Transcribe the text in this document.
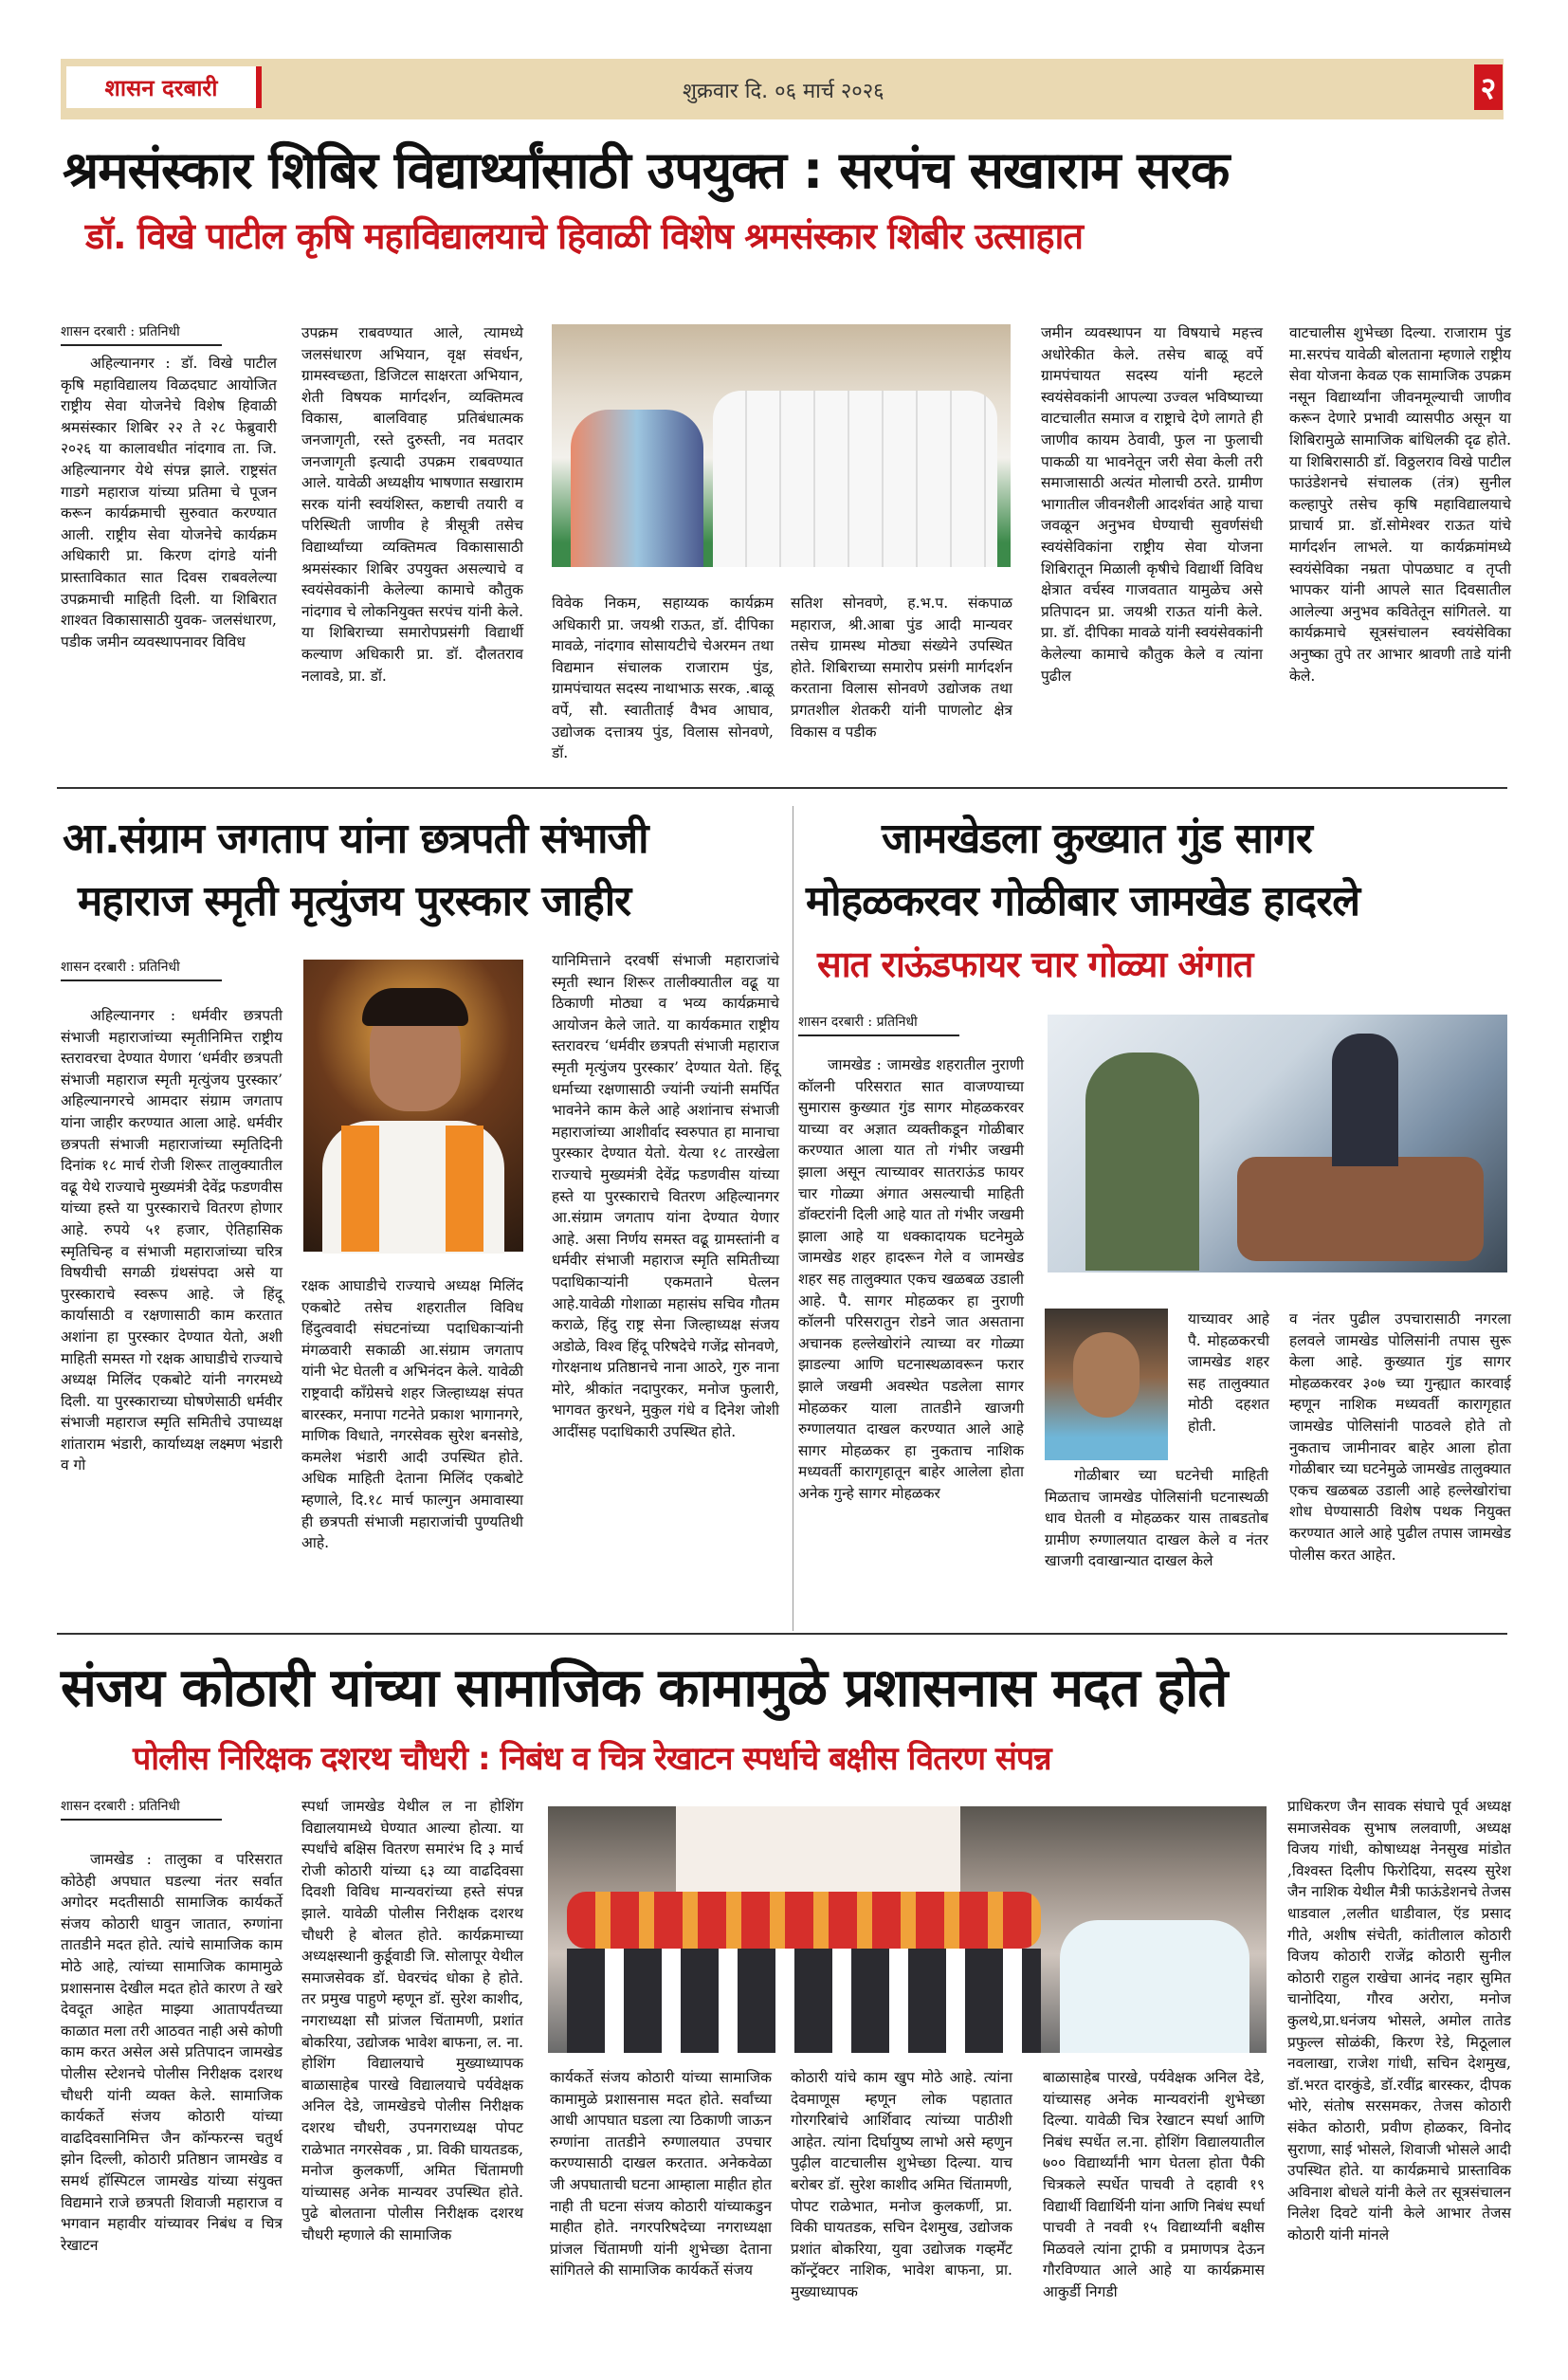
शासन दरबारी	शुक्रवार दि. ०६ मार्च २०२६	२
श्रमसंस्कार शिबिर विद्यार्थ्यांसाठी उपयुक्त : सरपंच सखाराम सरक
डॉ. विखे पाटील कृषि महाविद्यालयाचे हिवाळी विशेष श्रमसंस्कार शिबीर उत्साहात
शासन दरबारी : प्रतिनिधी

अहिल्यानगर : डॉ. विखे पाटील कृषि महाविद्यालय विळदघाट आयोजित राष्ट्रीय सेवा योजनेचे विशेष हिवाळी श्रमसंस्कार शिबिर २२ ते २८ फेब्रुवारी २०२६ या कालावधीत नांदगाव ता. जि. अहिल्यानगर येथे संपन्न झाले. राष्ट्रसंत गाडगे महाराज यांच्या प्रतिमा चे पूजन करून कार्यक्रमाची सुरुवात करण्यात आली. राष्ट्रीय सेवा योजनेचे कार्यक्रम अधिकारी प्रा. किरण दांगडे यांनी प्रास्ताविकात सात दिवस राबवलेल्या उपक्रमाची माहिती दिली. या शिबिरात शाश्वत विकासासाठी युवक- जलसंधारण, पडीक जमीन व्यवस्थापनावर विविध

उपक्रम राबवण्यात आले, त्यामध्ये जलसंधारण अभियान, वृक्ष संवर्धन, ग्रामस्वच्छता, डिजिटल साक्षरता अभियान, शेती विषयक मार्गदर्शन, व्यक्तिमत्व विकास, बालविवाह प्रतिबंधात्मक जनजागृती, रस्ते दुरुस्ती, नव मतदार जनजागृती इत्यादी उपक्रम राबवण्यात आले. यावेळी अध्यक्षीय भाषणात सखाराम सरक यांनी स्वयंशिस्त, कष्टाची तयारी व परिस्थिती जाणीव हे त्रीसूत्री तसेच विद्यार्थ्यांच्या व्यक्तिमत्व विकासासाठी श्रमसंस्कार शिबिर उपयुक्त असल्याचे व स्वयंसेवकांनी केलेल्या कामाचे कौतुक नांदगाव चे लोकनियुक्त सरपंच यांनी केले. या शिबिराच्या समारोपप्रसंगी विद्यार्थी कल्याण अधिकारी प्रा. डॉ. दौलतराव नलावडे, प्रा. डॉ.

विवेक निकम, सहाय्यक कार्यक्रम अधिकारी प्रा. जयश्री राऊत, डॉ. दीपिका मावळे, नांदगाव सोसायटीचे चेअरमन तथा विद्यमान संचालक राजाराम पुंड, ग्रामपंचायत सदस्य नाथाभाऊ सरक, .बाळू वर्पे, सौ. स्वातीताई वैभव आघाव, उद्योजक दत्तात्रय पुंड, विलास सोनवणे, डॉ.

सतिश सोनवणे, ह.भ.प. संकपाळ महाराज, श्री.आबा पुंड आदी मान्यवर तसेच ग्रामस्थ मोठ्या संख्येने उपस्थित होते. शिबिराच्या समारोप प्रसंगी मार्गदर्शन करताना विलास सोनवणे उद्योजक तथा प्रगतशील शेतकरी यांनी पाणलोट क्षेत्र विकास व पडीक

जमीन व्यवस्थापन या विषयाचे महत्त्व अधोरेकीत केले. तसेच बाळू वर्पे ग्रामपंचायत सदस्य यांनी म्हटले स्वयंसेवकांनी आपल्या उज्वल भविष्याच्या वाटचालीत समाज व राष्ट्राचे देणे लागते ही जाणीव कायम ठेवावी, फुल ना फुलाची पाकळी या भावनेतून जरी सेवा केली तरी समाजासाठी अत्यंत मोलाची ठरते. ग्रामीण भागातील जीवनशैली आदर्शवंत आहे याचा जवळून अनुभव घेण्याची सुवर्णसंधी स्वयंसेविकांना राष्ट्रीय सेवा योजना शिबिरातून मिळाली कृषीचे विद्यार्थी विविध क्षेत्रात वर्चस्व गाजवतात यामुळेच असे प्रतिपादन प्रा. जयश्री राऊत यांनी केले. प्रा. डॉ. दीपिका मावळे यांनी स्वयंसेवकांनी केलेल्या कामाचे कौतुक केले व त्यांना पुढील

वाटचालीस शुभेच्छा दिल्या. राजाराम पुंड मा.सरपंच यावेळी बोलताना म्हणाले राष्ट्रीय सेवा योजना केवळ एक सामाजिक उपक्रम नसून विद्यार्थ्यांना जीवनमूल्याची जाणीव करून देणारे प्रभावी व्यासपीठ असून या शिबिरामुळे सामाजिक बांधिलकी दृढ होते. या शिबिरासाठी डॉ. विठ्ठलराव विखे पाटील फाउंडेशनचे संचालक (तंत्र) सुनील कल्हापुरे तसेच कृषि महाविद्यालयाचे प्राचार्य प्रा. डॉ.सोमेश्वर राऊत यांचे मार्गदर्शन लाभले. या कार्यक्रमांमध्ये स्वयंसेविका नम्रता पोपळघाट व तृप्ती भापकर यांनी आपले सात दिवसातील आलेल्या अनुभव कवितेतून सांगितले. या कार्यक्रमाचे सूत्रसंचालन स्वयंसेविका अनुष्का तुपे तर आभार श्रावणी ताडे यांनी केले.

आ.संग्राम जगताप यांना छत्रपती संभाजी
महाराज स्मृती मृत्युंजय पुरस्कार जाहीर
शासन दरबारी : प्रतिनिधी

अहिल्यानगर : धर्मवीर छत्रपती संभाजी महाराजांच्या स्मृतीनिमित्त राष्ट्रीय स्तरावरचा देण्यात येणारा ‘धर्मवीर छत्रपती संभाजी महाराज स्मृती मृत्युंजय पुरस्कार’ अहिल्यानगरचे आमदार संग्राम जगताप यांना जाहीर करण्यात आला आहे. धर्मवीर छत्रपती संभाजी महाराजांच्या स्मृतिदिनी दिनांक १८ मार्च रोजी शिरूर तालुक्यातील वढू येथे राज्याचे मुख्यमंत्री देवेंद्र फडणवीस यांच्या हस्ते या पुरस्काराचे वितरण होणार आहे. रुपये ५१ हजार, ऐतिहासिक स्मृतिचिन्ह व संभाजी महाराजांच्या चरित्र विषयीची सगळी ग्रंथसंपदा असे या पुरस्काराचे स्वरूप आहे. जे हिंदू कार्यासाठी व रक्षणासाठी काम करतात अशांना हा पुरस्कार देण्यात येतो, अशी माहिती समस्त गो रक्षक आघाडीचे राज्याचे अध्यक्ष मिलिंद एकबोटे यांनी नगरमध्ये दिली. या पुरस्काराच्या घोषणेसाठी धर्मवीर संभाजी महाराज स्मृति समितीचे उपाध्यक्ष शांताराम भंडारी, कार्याध्यक्ष लक्ष्मण भंडारी व गो

रक्षक आघाडीचे राज्याचे अध्यक्ष मिलिंद एकबोटे तसेच शहरातील विविध हिंदुत्ववादी संघटनांच्या पदाधिकाऱ्यांनी मंगळवारी सकाळी आ.संग्राम जगताप यांनी भेट घेतली व अभिनंदन केले. यावेळी राष्ट्रवादी कॉंग्रेसचे शहर जिल्हाध्यक्ष संपत बारस्कर, मनापा गटनेते प्रकाश भागानगरे, माणिक विधाते, नगरसेवक सुरेश बनसोडे, कमलेश भंडारी आदी उपस्थित होते. अधिक माहिती देताना मिलिंद एकबोटे म्हणाले, दि.१८ मार्च फाल्गुन अमावास्या ही छत्रपती संभाजी महाराजांची पुण्यतिथी आहे.

यानिमित्ताने दरवर्षी संभाजी महाराजांचे स्मृती स्थान शिरूर तालीक्यातील वढू या ठिकाणी मोठ्या व भव्य कार्यक्रमाचे आयोजन केले जाते. या कार्यकमात राष्ट्रीय स्तरावरच ‘धर्मवीर छत्रपती संभाजी महाराज स्मृती मृत्युंजय पुरस्कार’ देण्यात येतो. हिंदू धर्माच्या रक्षणासाठी ज्यांनी ज्यांनी समर्पित भावनेने काम केले आहे अशांनाच संभाजी महाराजांच्या आशीर्वाद स्वरुपात हा मानाचा पुरस्कार देण्यात येतो. येत्या १८ तारखेला राज्याचे मुख्यमंत्री देवेंद्र फडणवीस यांच्या हस्ते या पुरस्काराचे वितरण अहिल्यानगर आ.संग्राम जगताप यांना देण्यात येणार आहे. असा निर्णय समस्त वढू ग्रामस्तांनी व धर्मवीर संभाजी महाराज स्मृति समितीच्या पदाधिकाऱ्यांनी एकमताने घेत्लन आहे.यावेळी गोशाळा महासंघ सचिव गौतम कराळे, हिंदु राष्ट्र सेना जिल्हाध्यक्ष संजय अडोळे, विश्व हिंदू परिषदेचे गजेंद्र सोनवणे, गोरक्षनाथ प्रतिष्ठानचे नाना आठरे, गुरु नाना मोरे, श्रीकांत नदापुरकर, मनोज फुलारी, भागवत कुरधने, मुकुल गंधे व दिनेश जोशी आदींसह पदाधिकारी उपस्थित होते.

जामखेडला कुख्यात गुंड सागर
मोहळकरवर गोळीबार जामखेड हादरले
सात राऊंडफायर चार गोळ्या अंगात
शासन दरबारी : प्रतिनिधी

जामखेड : जामखेड शहरातील नुराणी कॉलनी परिसरात सात वाजण्याच्या सुमारास कुख्यात गुंड सागर मोहळकरवर याच्या वर अज्ञात व्यक्तीकडून गोळीबार करण्यात आला यात तो गंभीर जखमी झाला असून त्याच्यावर सातराऊंड फायर चार गोळ्या अंगात असल्याची माहिती डॉक्टरांनी दिली आहे यात तो गंभीर जखमी झाला आहे या धक्कादायक घटनेमुळे जामखेड शहर हादरून गेले व जामखेड शहर सह तालुक्यात एकच खळबळ उडाली आहे. पै. सागर मोहळकर हा नुराणी कॉलनी परिसरातुन रोडने जात असताना अचानक हल्लेखोरांने त्याच्या वर गोळ्या झाडल्या आणि घटनास्थळावरून फरार झाले जखमी अवस्थेत पडलेला सागर मोहळकर याला तातडीने खाजगी रुग्णालयात दाखल करण्यात आले आहे सागर मोहळकर हा नुकताच नाशिक मध्यवर्ती कारागृहातून बाहेर आलेला होता अनेक गुन्हे सागर मोहळकर

याच्यावर आहे पै. मोहळकरची जामखेड शहर सह तालुक्यात मोठी दहशत होती.

गोळीबार च्या घटनेची माहिती मिळताच जामखेड पोलिसांनी घटनास्थळी धाव घेतली व मोहळकर यास ताबडतोब ग्रामीण रुग्णालयात दाखल केले व नंतर खाजगी दवाखान्यात दाखल केले

व नंतर पुढील उपचारासाठी नगरला हलवले जामखेड पोलिसांनी तपास सुरू केला आहे. कुख्यात गुंड सागर मोहळकरवर ३०७ च्या गुन्ह्यात कारवाई म्हणून नाशिक मध्यवर्ती कारागृहात जामखेड पोलिसांनी पाठवले होते तो नुकताच जामीनावर बाहेर आला होता गोळीबार च्या घटनेमुळे जामखेड तालुक्यात एकच खळबळ उडाली आहे हल्लेखोरांचा शोध घेण्यासाठी विशेष पथक नियुक्त करण्यात आले आहे पुढील तपास जामखेड पोलीस करत आहेत.

संजय कोठारी यांच्या सामाजिक कामामुळे प्रशासनास मदत होते
पोलीस निरिक्षक दशरथ चौधरी : निबंध व चित्र रेखाटन स्पर्धाचे बक्षीस वितरण संपन्न
शासन दरबारी : प्रतिनिधी

जामखेड : तालुका व परिसरात कोठेही अपघात घडल्या नंतर सर्वात अगोदर मदतीसाठी सामाजिक कार्यकर्ते संजय कोठारी धावुन जातात, रुग्णांना तातडीने मदत होते. त्यांचे सामाजिक काम मोठे आहे, त्यांच्या सामाजिक कामामुळे प्रशासनास देखील मदत होते कारण ते खरे देवदूत आहेत माझ्या आतापर्यंतच्या काळात मला तरी आठवत नाही असे कोणी काम करत असेल असे प्रतिपादन जामखेड पोलीस स्टेशनचे पोलीस निरीक्षक दशरथ चौधरी यांनी व्यक्त केले. सामाजिक कार्यकर्ते संजय कोठारी यांच्या वाढदिवसानिमित्त जैन कॉन्फरन्स चतुर्थ झोन दिल्ली, कोठारी प्रतिष्ठान जामखेड व समर्थ हॉस्पिटल जामखेड यांच्या संयुक्त विद्यमाने राजे छत्रपती शिवाजी महाराज व भगवान महावीर यांच्यावर निबंध व चित्र रेखाटन

स्पर्धा जामखेड येथील ल ना होशिंग विद्यालयामध्ये घेण्यात आल्या होत्या. या स्पर्धांचे बक्षिस वितरण समारंभ दि ३ मार्च रोजी कोठारी यांच्या ६३ व्या वाढदिवसा दिवशी विविध मान्यवरांच्या हस्ते संपन्न झाले. यावेळी पोलीस निरीक्षक दशरथ चौधरी हे बोलत होते. कार्यक्रमाच्या अध्यक्षस्थानी कुर्डूवाडी जि. सोलापूर येथील समाजसेवक डॉ. घेवरचंद धोका हे होते. तर प्रमुख पाहुणे म्हणून डॉ. सुरेश काशीद, नगराध्यक्षा सौ प्रांजल चिंतामणी, प्रशांत बोकरिया, उद्योजक भावेश बाफना, ल. ना. होशिंग विद्यालयाचे मुख्याध्यापक बाळासाहेब पारखे विद्यालयाचे पर्यवेक्षक अनिल देडे, जामखेडचे पोलीस निरीक्षक दशरथ चौधरी, उपनगराध्यक्ष पोपट राळेभात नगरसेवक , प्रा. विकी घायतडक, मनोज कुलकर्णी, अमित चिंतामणी यांच्यासह अनेक मान्यवर उपस्थित होते. पुढे बोलताना पोलीस निरीक्षक दशरथ चौधरी म्हणाले की सामाजिक

कार्यकर्ते संजय कोठारी यांच्या सामाजिक कामामुळे प्रशासनास मदत होते. सर्वांच्या आधी आपघात घडला त्या ठिकाणी जाऊन रुग्णांना तातडीने रुग्णालयात उपचार करण्यासाठी दाखल करतात. अनेकवेळा जी अपघाताची घटना आम्हाला माहीत होत नाही ती घटना संजय कोठारी यांच्याकडुन माहीत होते. नगरपरिषदेच्या नगराध्यक्षा प्रांजल चिंतामणी यांनी शुभेच्छा देताना सांगितले की सामाजिक कार्यकर्ते संजय

कोठारी यांचे काम खुप मोठे आहे. त्यांना देवमाणूस म्हणून लोक पहातात गोरगरिबांचे आर्शिवाद त्यांच्या पाठीशी आहेत. त्यांना दिर्घायुष्य लाभो असे म्हणुन पुढ़ील वाटचालीस शुभेच्छा दिल्या. याच बरोबर डॉ. सुरेश काशीद अमित चिंतामणी, पोपट राळेभात, मनोज कुलकर्णी, प्रा. विकी घायतडक, सचिन देशमुख, उद्योजक प्रशांत बोकरिया, युवा उद्योजक गव्हर्मेंट कॉन्ट्रॅक्टर नाशिक, भावेश बाफना, प्रा. मुख्याध्यापक

बाळासाहेब पारखे, पर्यवेक्षक अनिल देडे, यांच्यासह अनेक मान्यवरांनी शुभेच्छा दिल्या. यावेळी चित्र रेखाटन स्पर्धा आणि निबंध स्पर्धेत ल.ना. होशिंग विद्यालयातील ७०० विद्यार्थ्यांनी भाग घेतला होता पैकी चित्रकले स्पर्धेत पाचवी ते दहावी १९ विद्यार्थी विद्यार्थिनी यांना आणि निबंध स्पर्धा पाचवी ते नववी १५ विद्यार्थ्यांनी बक्षीस मिळवले त्यांना ट्राफी व प्रमाणपत्र देऊन गौरविण्यात आले आहे या कार्यक्रमास आकुर्डी निगडी

प्राधिकरण जैन सावक संघाचे पूर्व अध्यक्ष समाजसेवक सुभाष ललवाणी, अध्यक्ष विजय गांधी, कोषाध्यक्ष नेनसुख मांडोत ,विश्वस्त दिलीप फिरोदिया, सदस्य सुरेश जैन नाशिक येथील मैत्री फाऊंडेशनचे तेजस धाडवाल ,ललीत धाडीवाल, ऍड प्रसाद गीते, अशीष संचेती, कांतीलाल कोठारी विजय कोठारी राजेंद्र कोठारी सुनील कोठारी राहुल राखेचा आनंद नहार सुमित चानोदिया, गौरव अरोरा, मनोज कुलथे,प्रा.धनंजय भोसले, अमोल तातेड प्रफुल्ल सोळंकी, किरण रेडे, मिठूलाल नवलाखा, राजेश गांधी, सचिन देशमुख, डॉ.भरत दारकुंडे, डॉ.रवींद्र बारस्कर, दीपक भोरे, संतोष सरसमकर, तेजस कोठारी संकेत कोठारी, प्रवीण होळकर, विनोद सुराणा, साई भोसले, शिवाजी भोसले आदी उपस्थित होते. या कार्यक्रमाचे प्रास्ताविक अविनाश बोधले यांनी केले तर सूत्रसंचालन निलेश दिवटे यांनी केले आभार तेजस कोठारी यांनी मांनले
